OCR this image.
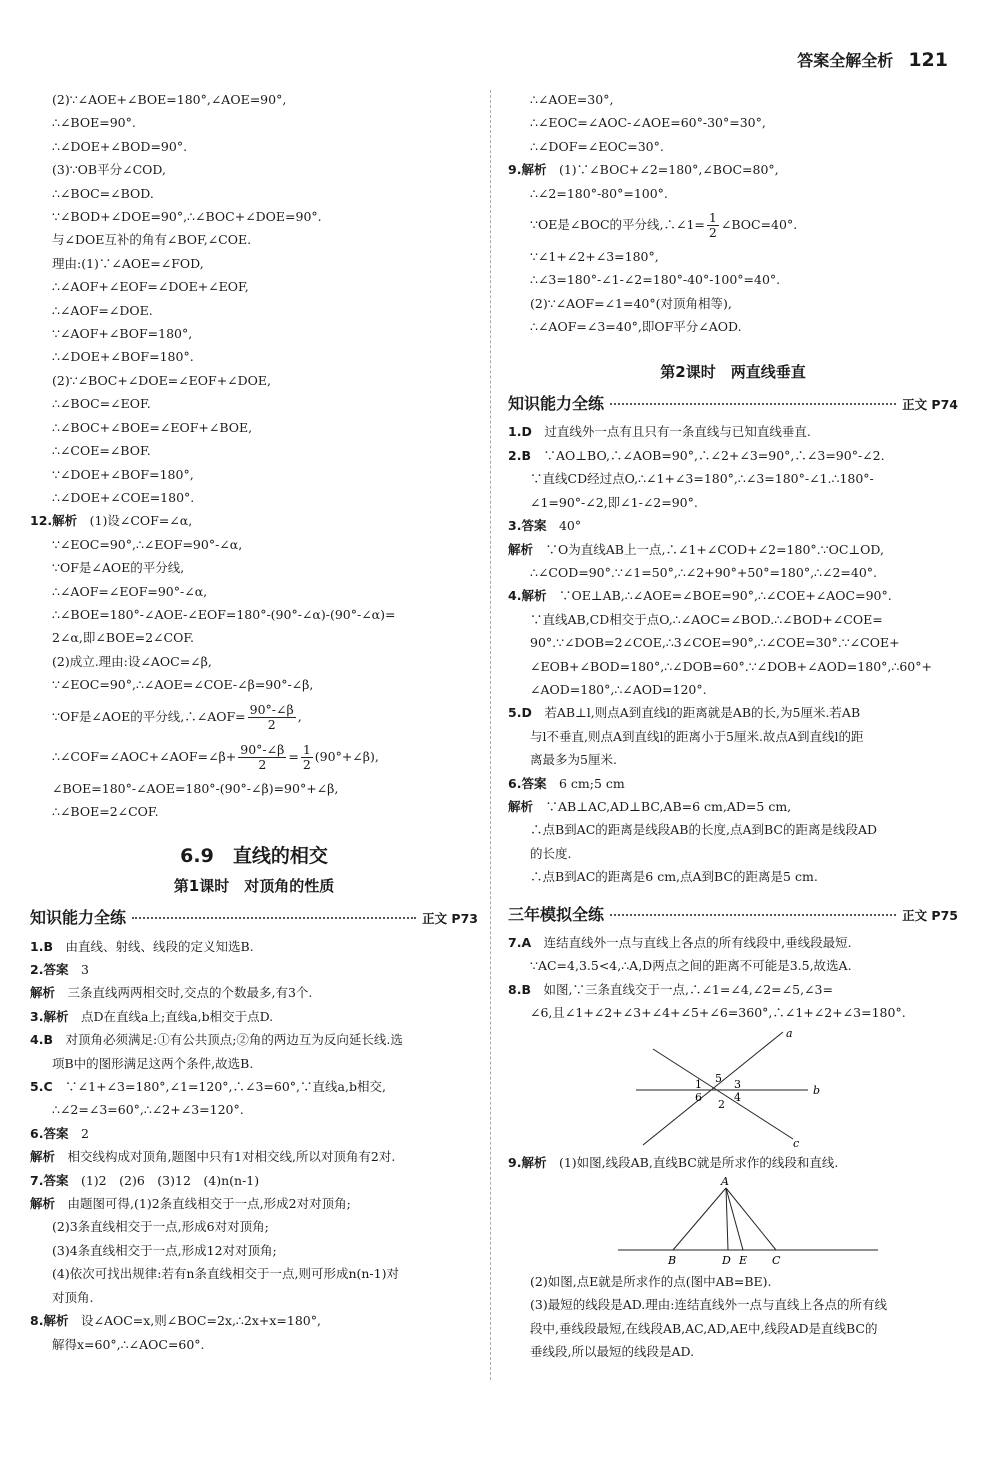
答案全解全析 121
(2)∵∠AOE+∠BOE=180°,∠AOE=90°,
∴∠BOE=90°.
∴∠DOE+∠BOD=90°.
(3)∵OB平分∠COD,
∴∠BOC=∠BOD.
∵∠BOD+∠DOE=90°,∴∠BOC+∠DOE=90°.
与∠DOE互补的角有∠BOF,∠COE.
理由:(1)∵∠AOE=∠FOD,
∴∠AOF+∠EOF=∠DOE+∠EOF,
∴∠AOF=∠DOE.
∵∠AOF+∠BOF=180°,
∴∠DOE+∠BOF=180°.
(2)∵∠BOC+∠DOE=∠EOF+∠DOE,
∴∠BOC=∠EOF.
∴∠BOC+∠BOE=∠EOF+∠BOE,
∴∠COE=∠BOF.
∵∠DOE+∠BOF=180°,
∴∠DOE+∠COE=180°.
12.解析　 (1)设∠COF=∠α,
∵∠EOC=90°,∴∠EOF=90°-∠α,
∵OF是∠AOE的平分线,
∴∠AOF=∠EOF=90°-∠α,
∴∠BOE=180°-∠AOE-∠EOF=180°-(90°-∠α)-(90°-∠α)=
2∠α,即∠BOE=2∠COF.
(2)成立.理由:设∠AOC=∠β,
∵∠EOC=90°,∴∠AOE=∠COE-∠β=90°-∠β,
∵OF是∠AOE的平分线,∴∠AOF= $\frac{90^\circ-\angle\beta}{2}$ ,
∴∠COF=∠AOC+∠AOF=∠β+ $\frac{90^\circ-\angle\beta}{2} = \frac{1}{2}$ (90°+∠β),
∠BOE=180°-∠AOE=180°-(90°-∠β)=90°+∠β,
∴∠BOE=2∠COF.
6.9　直线的相交
第1课时　对顶角的性质
知识能力全练	正文 P73
1.B　 由直线、射线、线段的定义知选B.
2.答案　 3
解析　 三条直线两两相交时,交点的个数最多,有3个.
3.解析　 点D在直线a上;直线a,b相交于点D.
4.B　 对顶角必须满足:①有公共顶点;②角的两边互为反向延长线.选
项B中的图形满足这两个条件,故选B.
5.C　 ∵∠1+∠3=180°,∠1=120°,∴∠3=60°,∵直线a,b相交,
∴∠2=∠3=60°,∴∠2+∠3=120°.
6.答案　 2
解析　 相交线构成对顶角,题图中只有1对相交线,所以对顶角有2对.
7.答案　 (1)2　(2)6　(3)12　(4)n(n-1)
解析　 由题图可得,(1)2条直线相交于一点,形成2对对顶角;
(2)3条直线相交于一点,形成6对对顶角;
(3)4条直线相交于一点,形成12对对顶角;
(4)依次可找出规律:若有n条直线相交于一点,则可形成n(n-1)对
对顶角.
8.解析　 设∠AOC=x,则∠BOC=2x,∴2x+x=180°,
解得x=60°,∴∠AOC=60°.
∴∠AOE=30°,
∴∠EOC=∠AOC-∠AOE=60°-30°=30°,
∴∠DOF=∠EOC=30°.
9.解析　 (1)∵∠BOC+∠2=180°,∠BOC=80°,
∴∠2=180°-80°=100°.
∵OE是∠BOC的平分线,∴∠1= $\frac{1}{2}$ ∠BOC=40°.
∵∠1+∠2+∠3=180°,
∴∠3=180°-∠1-∠2=180°-40°-100°=40°.
(2)∵∠AOF=∠1=40°(对顶角相等),
∴∠AOF=∠3=40°,即OF平分∠AOD.
第2课时　两直线垂直
知识能力全练	正文 P74
1.D　 过直线外一点有且只有一条直线与已知直线垂直.
2.B　 ∵AO⊥BO,∴∠AOB=90°,∴∠2+∠3=90°,∴∠3=90°-∠2.
∵直线CD经过点O,∴∠1+∠3=180°,∴∠3=180°-∠1.∴180°-
∠1=90°-∠2,即∠1-∠2=90°.
3.答案　 40°
解析　 ∵O为直线AB上一点,∴∠1+∠COD+∠2=180°.∵OC⊥OD,
∴∠COD=90°.∵∠1=50°,∴∠2+90°+50°=180°,∴∠2=40°.
4.解析　 ∵OE⊥AB,∴∠AOE=∠BOE=90°,∴∠COE+∠AOC=90°.
∵直线AB,CD相交于点O,∴∠AOC=∠BOD.∴∠BOD+∠COE=
90°.∵∠DOB=2∠COE,∴3∠COE=90°,∴∠COE=30°.∵∠COE+
∠EOB+∠BOD=180°,∴∠DOB=60°.∵∠DOB+∠AOD=180°,∴60°+
∠AOD=180°,∴∠AOD=120°.
5.D　 若AB⊥l,则点A到直线l的距离就是AB的长,为5厘米.若AB
与l不垂直,则点A到直线l的距离小于5厘米.故点A到直线l的距
离最多为5厘米.
6.答案　 6 cm;5 cm
解析　 ∵AB⊥AC,AD⊥BC,AB=6 cm,AD=5 cm,
∴点B到AC的距离是线段AB的长度,点A到BC的距离是线段AD
的长度.
∴点B到AC的距离是6 cm,点A到BC的距离是5 cm.
三年模拟全练	正文 P75
7.A　 连结直线外一点与直线上各点的所有线段中,垂线段最短.
∵AC=4,3.5<4,∴A,D两点之间的距离不可能是3.5,故选A.
8.B　 如图,∵三条直线交于一点,∴∠1=∠4,∠2=∠5,∠3=
∠6,且∠1+∠2+∠3+∠4+∠5+∠6=360°,∴∠1+∠2+∠3=180°.
a
b
c
1
2
3
4
5
6
9.解析　 (1)如图,线段AB,直线BC就是所求作的线段和直线.
A
B	D E C
(2)如图,点E就是所求作的点(图中AB=BE).
(3)最短的线段是AD.理由:连结直线外一点与直线上各点的所有线
段中,垂线段最短,在线段AB,AC,AD,AE中,线段AD是直线BC的
垂线段,所以最短的线段是AD.
